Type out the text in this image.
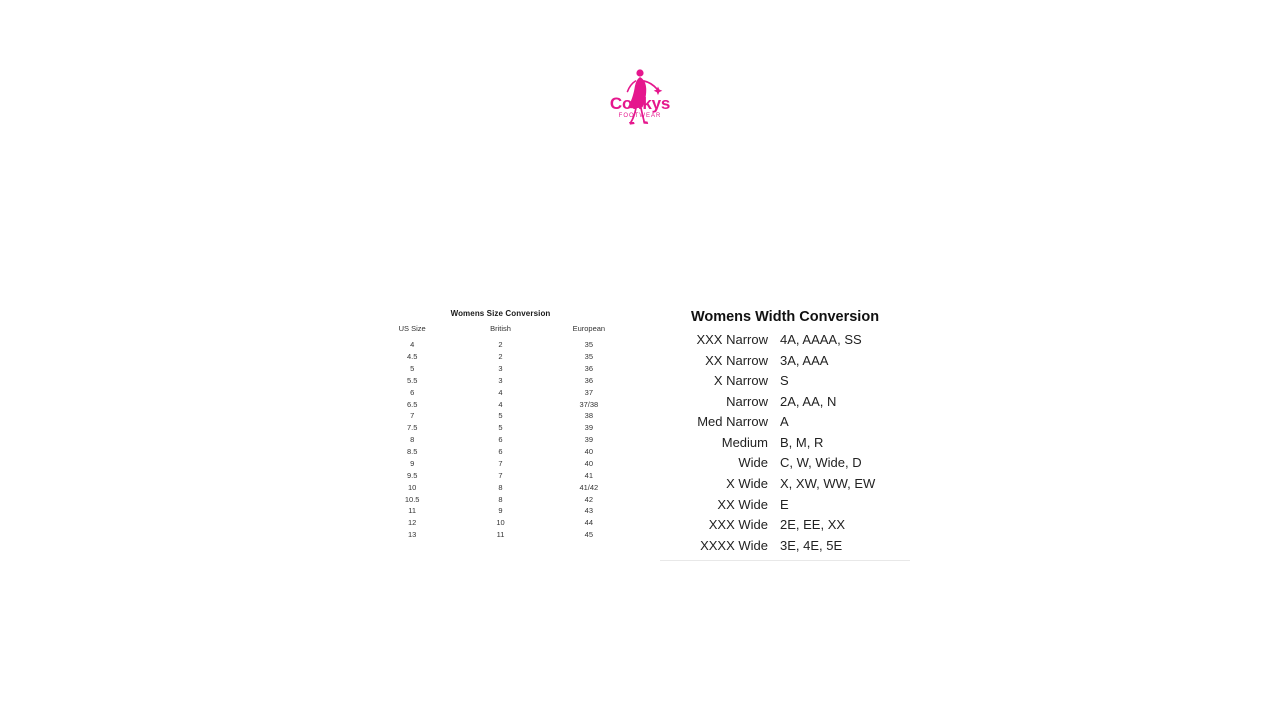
Conkys
FOOTWEAR
Womens Size Conversion
US Size	British	European
4	2	35
4.5	2	35
5	3	36
5.5	3	36
6	4	37
6.5	4	37/38
7	5	38
7.5	5	39
8	6	39
8.5	6	40
9	7	40
9.5	7	41
10	8	41/42
10.5	8	42
11	9	43
12	10	44
13	11	45
Womens Width Conversion
XXX Narrow	4A, AAAA, SS
XX Narrow	3A, AAA
X Narrow	S
Narrow	2A, AA, N
Med Narrow	A
Medium	B, M, R
Wide	C, W, Wide, D
X Wide	X, XW, WW, EW
XX Wide	E
XXX Wide	2E, EE, XX
XXXX Wide	3E, 4E, 5E
